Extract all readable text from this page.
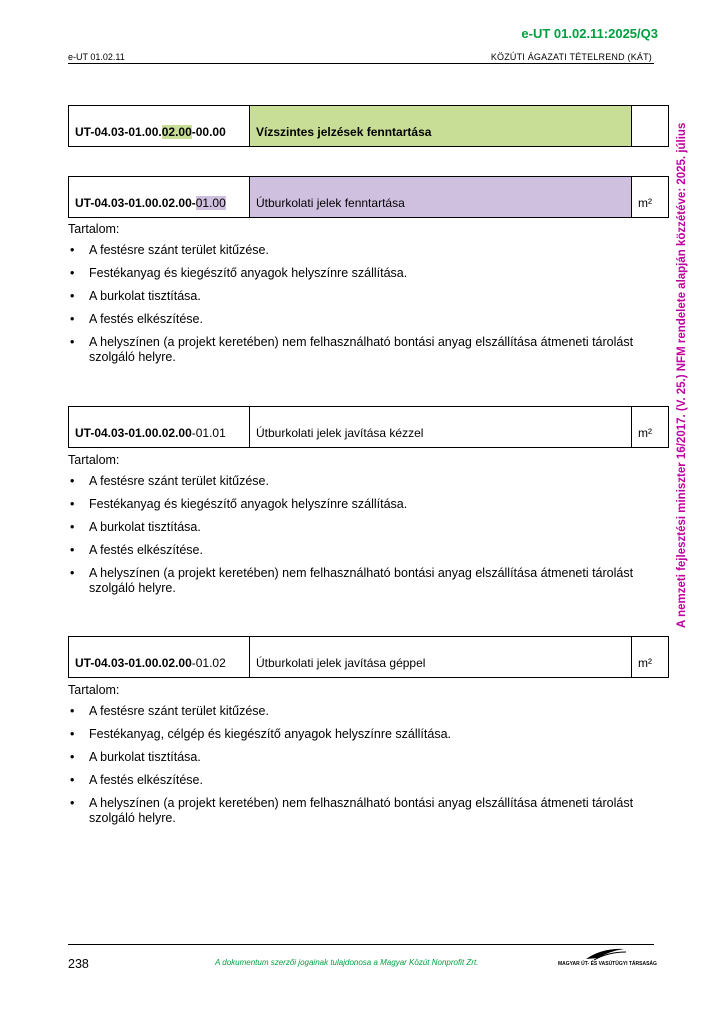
e-UT 01.02.11:2025/Q3
e-UT 01.02.11	KÖZÚTI ÁGAZATI TÉTELREND (KÁT)
A nemzeti fejlesztési miniszter 16/2017. (V. 25.) NFM rendelete alapján közzétéve: 2025. július
UT-04.03-01.00.02.00-00.00	Vízszintes jelzések fenntartása	
UT-04.03-01.00.02.00-01.00	Útburkolati jelek fenntartása	m²

Tartalom:

• A festésre szánt terület kitűzése.
• Festékanyag és kiegészítő anyagok helyszínre szállítása.
• A burkolat tisztítása.
• A festés elkészítése.
• A helyszínen (a projekt keretében) nem felhasználható bontási anyag elszállítása átmeneti tárolást szolgáló helyre.
UT-04.03-01.00.02.00-01.01	Útburkolati jelek javítása kézzel	m²

Tartalom:

• A festésre szánt terület kitűzése.
• Festékanyag és kiegészítő anyagok helyszínre szállítása.
• A burkolat tisztítása.
• A festés elkészítése.
• A helyszínen (a projekt keretében) nem felhasználható bontási anyag elszállítása átmeneti tárolást szolgáló helyre.
UT-04.03-01.00.02.00-01.02	Útburkolati jelek javítása géppel	m²

Tartalom:

• A festésre szánt terület kitűzése.
• Festékanyag, célgép és kiegészítő anyagok helyszínre szállítása.
• A burkolat tisztítása.
• A festés elkészítése.
• A helyszínen (a projekt keretében) nem felhasználható bontási anyag elszállítása átmeneti tárolást szolgáló helyre.
238	A dokumentum szerzői jogainak tulajdonosa a Magyar Közút Nonprofit Zrt.	MAGYAR ÚT- ÉS VASÚTÜGYI TÁRSASÁG
